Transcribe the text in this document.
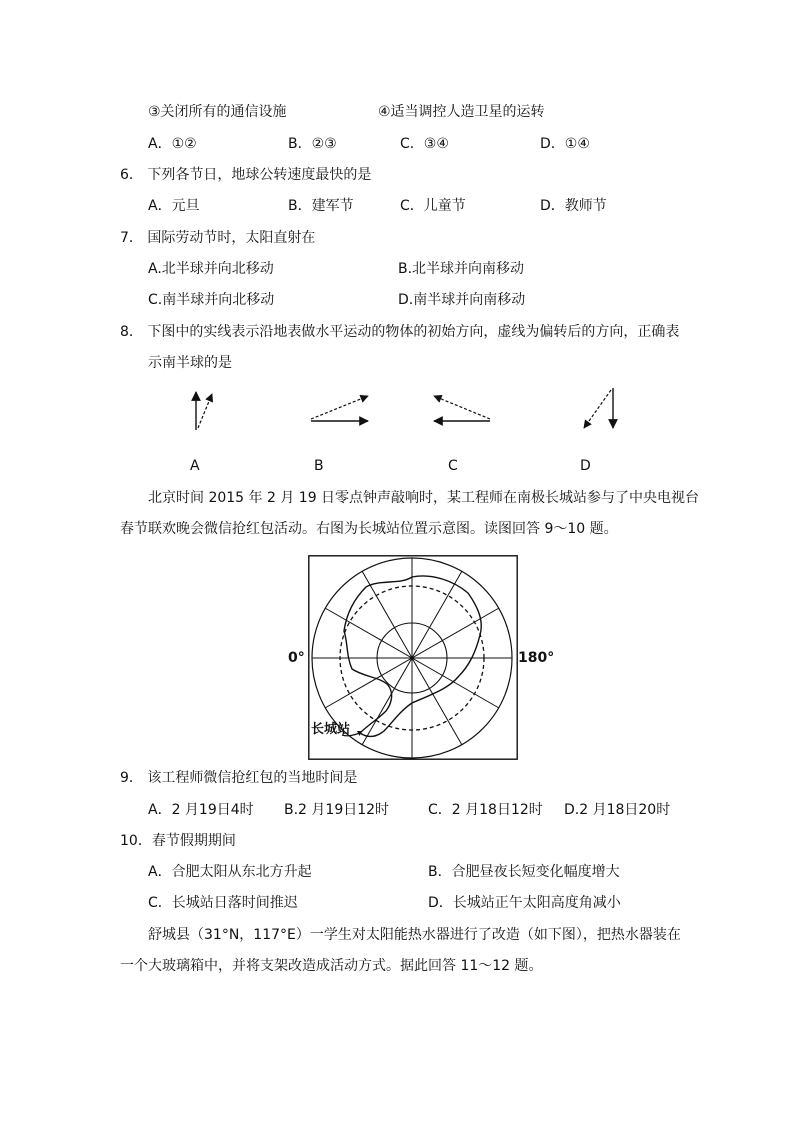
③关闭所有的通信设施	④适当调控人造卫星的运转
A．①②	B．②③	C．③④	D．①④
6． 下列各节日，地球公转速度最快的是
A．元旦	B．建军节	C．儿童节	D．教师节
7． 国际劳动节时，太阳直射在
A.北半球并向北移动	B.北半球并向南移动
C.南半球并向北移动	D.南半球并向南移动
8． 下图中的实线表示沿地表做水平运动的物体的初始方向，虚线为偏转后的方向，正确表
示南半球的是
A	B	C	D
北京时间 2015 年 2 月 19 日零点钟声敲响时，某工程师在南极长城站参与了中央电视台
春节联欢晚会微信抢红包活动。右图为长城站位置示意图。读图回答 9～10 题。
0°	180°
长城站
9． 该工程师微信抢红包的当地时间是
A．2 月19日4时 B.2 月19日12时	C．2 月18日12时 D.2 月18日20时
10．春节假期期间
A．合肥太阳从东北方升起	B．合肥昼夜长短变化幅度增大
C．长城站日落时间推迟	D．长城站正午太阳高度角减小
舒城县（31°N，117°E）一学生对太阳能热水器进行了改造（如下图），把热水器装在
一个大玻璃箱中，并将支架改造成活动方式。据此回答 11～12 题。
